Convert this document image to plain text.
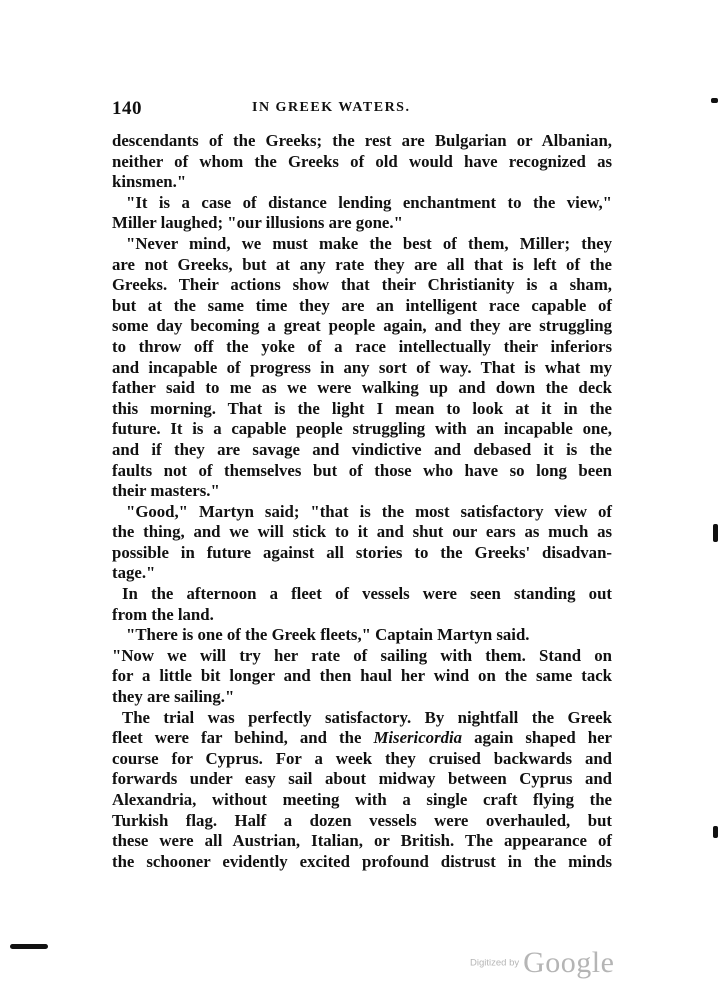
140	IN GREEK WATERS.
descendants of the Greeks; the rest are Bulgarian or Albanian,
neither of whom the Greeks of old would have recognized as
kinsmen."
"It is a case of distance lending enchantment to the view,"
Miller laughed; "our illusions are gone."
"Never mind, we must make the best of them, Miller; they
are not Greeks, but at any rate they are all that is left of the
Greeks. Their actions show that their Christianity is a sham,
but at the same time they are an intelligent race capable of
some day becoming a great people again, and they are struggling
to throw off the yoke of a race intellectually their inferiors
and incapable of progress in any sort of way. That is what my
father said to me as we were walking up and down the deck
this morning. That is the light I mean to look at it in the
future. It is a capable people struggling with an incapable one,
and if they are savage and vindictive and debased it is the
faults not of themselves but of those who have so long been
their masters."
"Good," Martyn said; "that is the most satisfactory view of
the thing, and we will stick to it and shut our ears as much as
possible in future against all stories to the Greeks' disadvan-
tage."
In the afternoon a fleet of vessels were seen standing out
from the land.
"There is one of the Greek fleets," Captain Martyn said.
"Now we will try her rate of sailing with them. Stand on
for a little bit longer and then haul her wind on the same tack
they are sailing."
The trial was perfectly satisfactory. By nightfall the Greek
fleet were far behind, and the Misericordia again shaped her
course for Cyprus. For a week they cruised backwards and
forwards under easy sail about midway between Cyprus and
Alexandria, without meeting with a single craft flying the
Turkish flag. Half a dozen vessels were overhauled, but
these were all Austrian, Italian, or British. The appearance of
the schooner evidently excited profound distrust in the minds
Digitized by Google
